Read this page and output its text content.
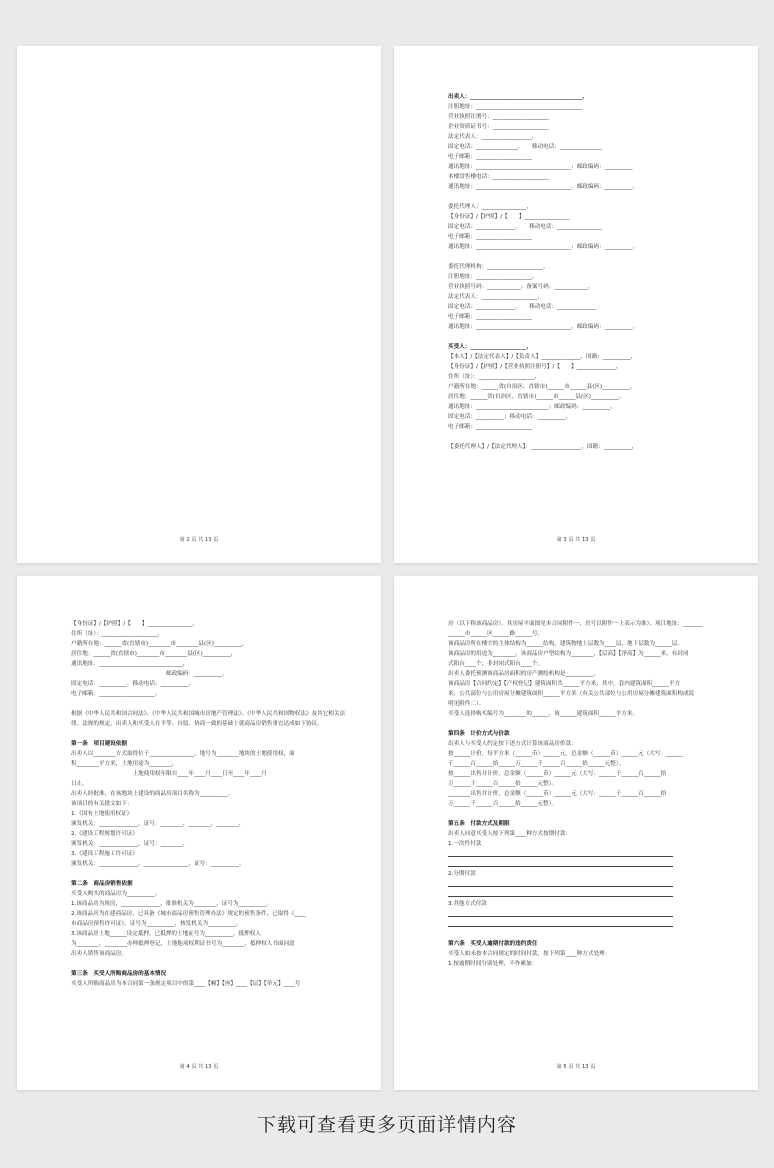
第 2 页 共 13 页
出卖人：________________________________________，
注册地址：______________________________________
营业执照注册号：____________________
企业资质证书号：____________________
法定代表人：__________________，
固定电话：_______________，　　移动电话：_______________
电子邮箱：____________________
通讯地址：__________________________________；邮政编码：__________
本楼盘售楼电话：____________________
通讯地址：__________________________________，邮政编码：__________。
委托代理人：________________，
【身份证】/【护照】/【　　】________________
固定电话：______________，　　移动电话：________________
电子邮箱：____________________
通讯地址：__________________________________；邮政编码：__________。
委托代理机构：____________________，
注册地址：____________________，
营业执照号码：____________；备案号码：____________，
法定代表人：____________________，
固定电话：______________，　　移动电话：______________
电子邮箱：____________________
通讯地址：__________________________________，邮政编码：__________。
买受人：____________________，
【本人】/【法定代表人】/【负责人】______________，国籍：__________，
【身份证】/【护照】/【营业执照注册号】/【　　】______________，
住所（址）：____________________，
户籍所在地：______省(自治区、直辖市)______市______县(区)__________，
居住地：______省(自治区、直辖市)______市______县(区)__________，
通讯地址：__________________________；邮政编码：__________，
固定电话：__________；移动电话：__________，
电子邮箱：____________________
【委托代理人】/【法定代理人】：__________________，国籍：__________，
第 3 页 共 13 页
【身份证】/【护照】/【　　】________________，
住所（址）：____________________，
户籍所在地：______省(直辖市)________市________县(区)__________，
居住地：______省(直辖市)________市________县(区)__________，
通讯地址：______________________________，
　　　　　　　　　　　　　　　　　邮政编码：__________，
固定电话：__________，移动电话：__________，
电子邮箱：____________________。
根据《中华人民共和国合同法》、《中华人民共和国城市房地产管理法》、《中华人民共和国物权法》及其它相关法律、法规的规定，出卖人和买受人在平等、自愿、协商一致的基础上就商品房销售事宜达成如下协议。
第一条　项目建设依据
出卖人以________方式取得位于________________，地号为________地块的土地使用权，面
积________平方米，土地用途为________，
　　　　　　　　　　　土地使用权年限自____年____月____日至____年____月
日止。
出卖人经批准，在该地块上建设的商品房项目名称为__________。
该项目的有关批文如下：
1.《国有土地使用权证》
颁发机关：______________，证号：________，________，________，
2.《建设工程规划许可证》
颁发机关：______________，证号：________，
3.《建设工程施工许可证》
颁发机关：______________，________________，证号：__________。
第二条　商品房销售依据
买受人购买的商品房为__________。
1.该商品房为现房，______________，批准机关为________，证号为__________。
2.该商品房为在建商品房，已具备《城市商品房预售管理办法》规定的预售条件，已取得《____
市商品房预售许可证》，证号为__________，核发机关为__________。
3.该商品房土地______设定抵押，已抵押的土地证号为__________，抵押权人
为________，________办理抵押登记，土地他项权利证书号为________，抵押权人书面同意
出卖人销售该商品房。
第三条　买受人所购商品房的基本情况
买受人所购商品房为本合同第一条规定项目中的第____【幢】【座】____【层】【单元】____号
第 4 页 共 13 页
房（以下称该商品房），其房屋平面图见本合同附件一，房号以附件一上表示为准），项目地址：_______
______市______区______路______号。
该商品房所在楼宇的主体结构为______结构，建筑物地上层数为____层，地下层数为______层。
该商品房的用途为________，该商品房户型结构为________，【层高】【净高】为______米，有封闭
式阳台____个，非封闭式阳台____个。
出卖人委托预测该商品房面积的房产测绘机构是__________，
该商品房【合同约定】【产权登记】建筑面积共______平方米，其中，套内建筑面积______平方
米，公共部位与公用房屋分摊建筑面积______平方米（有关公共部位与公用房屋分摊建筑面积构成说
明见附件二）。
买受人选择购买编号为________的______，该______建筑面积______平方米。
第四条　计价方式与价款
出卖人与买受人约定按下述方式计算该商品房价款：
按______计价，每平方米（______币）______元，总金额（______币）______元（大写：______
千______百______拾______万______千______百______拾______元整）。
按______出售并计价，总金额（______币）______元（大写：______千______百______拾
万______千______百______拾______元整）。
________出售并计价，总金额（______币）______元（大写：______千______百______拾
万______千______百______拾______元整）。
第五条　付款方式及期限
出卖人同意买受人按下列第____种方式按期付款：
1.一次性付款
2.分期付款
3.其他方式付款
第六条　买受人逾期付款的违约责任
买受人如未按本合同规定的时间付款，按下列第____种方式处理：
1.按逾期时间分别处理，不作累加：
第 5 页 共 13 页
下载可查看更多页面详情内容
